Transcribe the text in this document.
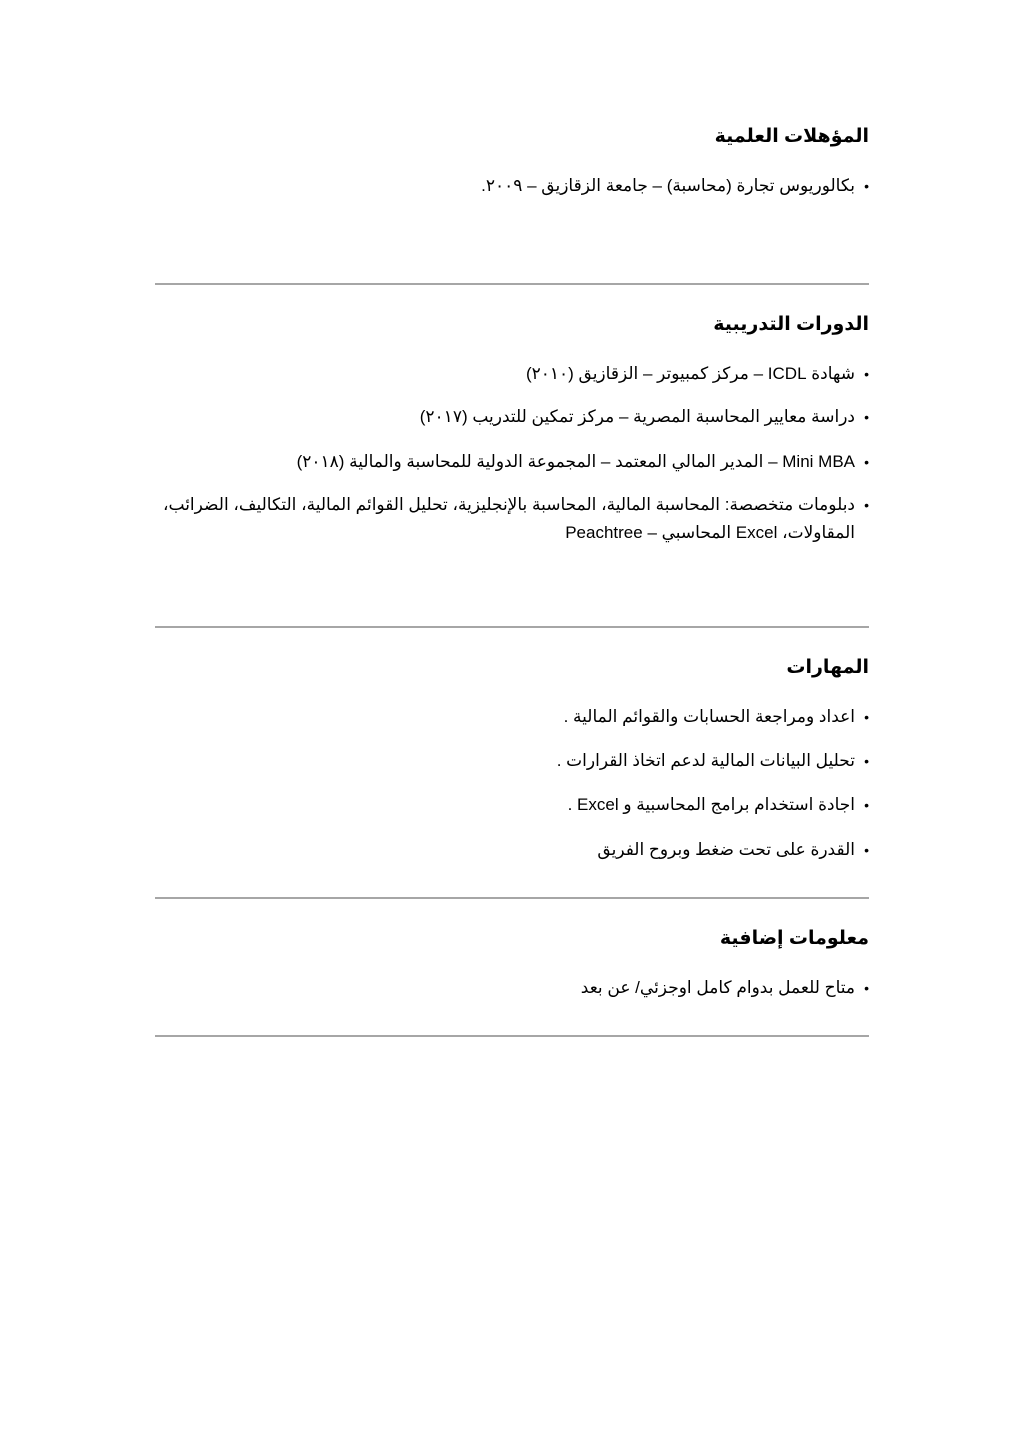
المؤهلات العلمية
•
بكالوريوس تجارة (محاسبة) – جامعة الزقازيق – ٢٠٠٩.
الدورات التدريبية
•
شهادة ICDL – مركز كمبيوتر – الزقازيق (٢٠١٠)
•
دراسة معايير المحاسبة المصرية – مركز تمكين للتدريب (٢٠١٧)
•
Mini MBA – المدير المالي المعتمد – المجموعة الدولية للمحاسبة والمالية (٢٠١٨)
•
دبلومات متخصصة: المحاسبة المالية، المحاسبة بالإنجليزية، تحليل القوائم المالية، التكاليف، الضرائب، المقاولات، Excel المحاسبي – Peachtree
المهارات
•
اعداد ومراجعة الحسابات والقوائم المالية .
•
تحليل البيانات المالية لدعم اتخاذ القرارات .
•
اجادة استخدام برامج المحاسبية و Excel .
•
القدرة على تحت ضغط وبروح الفريق
معلومات إضافية
•
متاح للعمل بدوام كامل اوجزئي/ عن بعد
